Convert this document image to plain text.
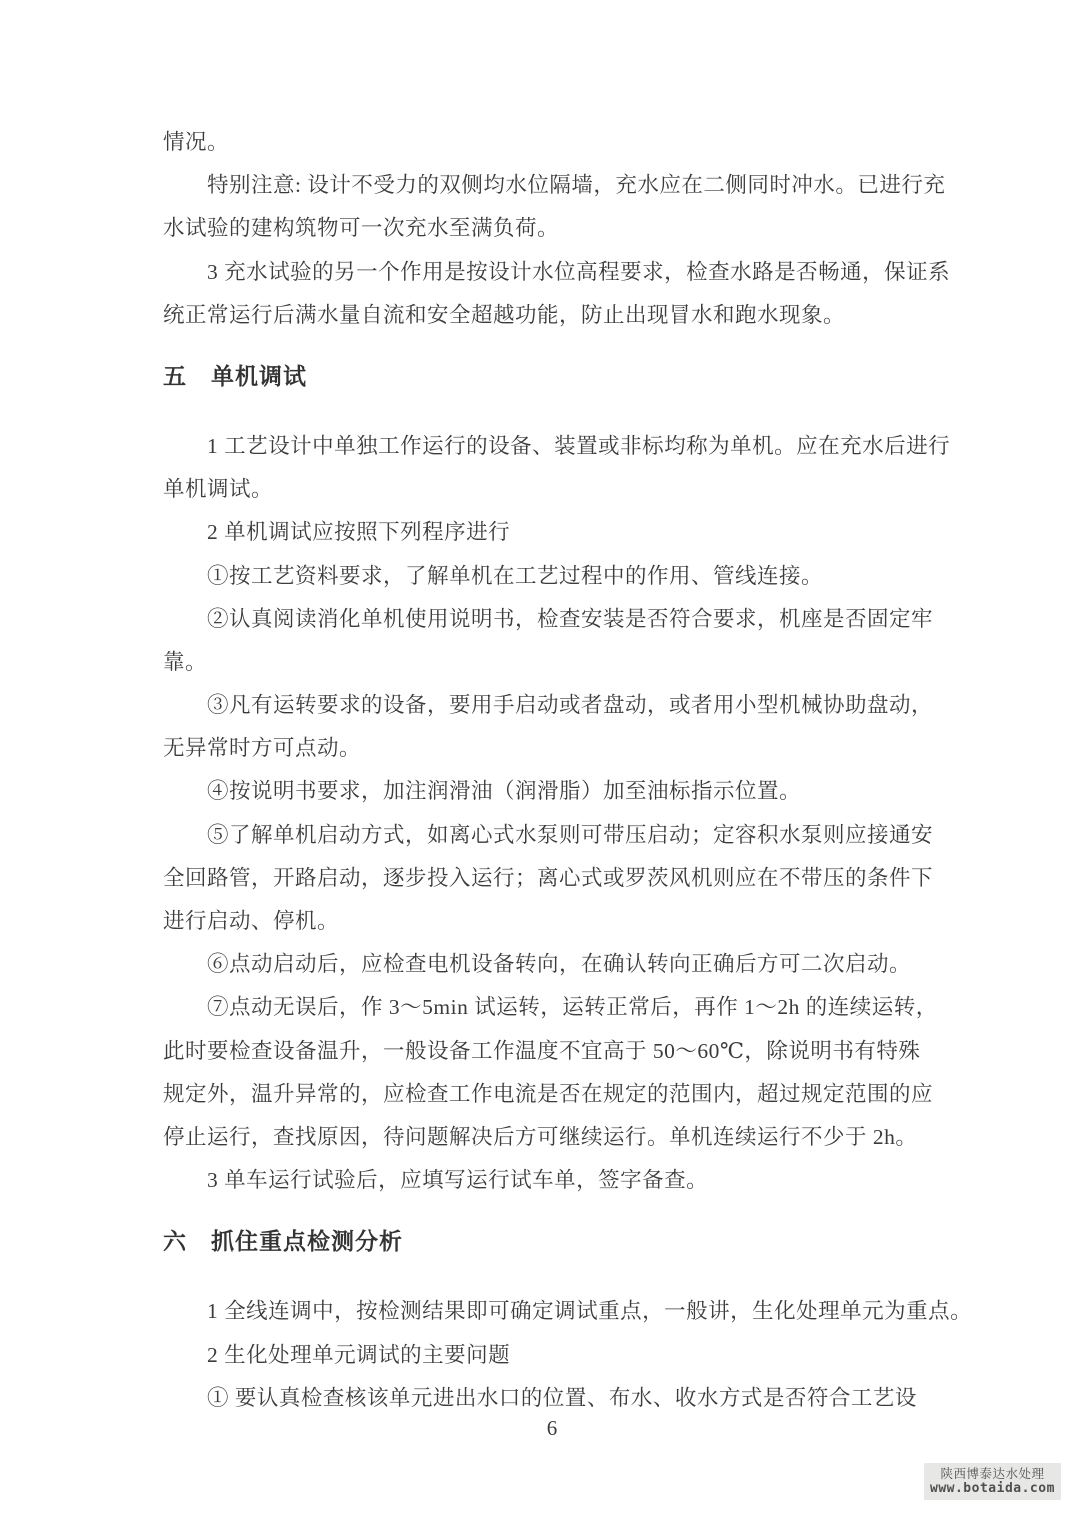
情况。
特别注意: 设计不受力的双侧均水位隔墙，充水应在二侧同时冲水。已进行充
水试验的建构筑物可一次充水至满负荷。
3 充水试验的另一个作用是按设计水位高程要求，检查水路是否畅通，保证系
统正常运行后满水量自流和安全超越功能，防止出现冒水和跑水现象。
五　单机调试
1 工艺设计中单独工作运行的设备、装置或非标均称为单机。应在充水后进行
单机调试。
2 单机调试应按照下列程序进行
①按工艺资料要求，了解单机在工艺过程中的作用、管线连接。
②认真阅读消化单机使用说明书，检查安装是否符合要求，机座是否固定牢
靠。
③凡有运转要求的设备，要用手启动或者盘动，或者用小型机械协助盘动，
无异常时方可点动。
④按说明书要求，加注润滑油（润滑脂）加至油标指示位置。
⑤了解单机启动方式，如离心式水泵则可带压启动；定容积水泵则应接通安
全回路管，开路启动，逐步投入运行；离心式或罗茨风机则应在不带压的条件下
进行启动、停机。
⑥点动启动后，应检查电机设备转向，在确认转向正确后方可二次启动。
⑦点动无误后，作 3～5min 试运转，运转正常后，再作 1～2h 的连续运转，
此时要检查设备温升，一般设备工作温度不宜高于 50～60℃，除说明书有特殊
规定外，温升异常的，应检查工作电流是否在规定的范围内，超过规定范围的应
停止运行，查找原因，待问题解决后方可继续运行。单机连续运行不少于 2h。
3 单车运行试验后，应填写运行试车单，签字备查。
六　抓住重点检测分析
1 全线连调中，按检测结果即可确定调试重点，一般讲，生化处理单元为重点。
2 生化处理单元调试的主要问题
① 要认真检查核该单元进出水口的位置、布水、收水方式是否符合工艺设
6
陕西博泰达水处理
www.botaida.com
